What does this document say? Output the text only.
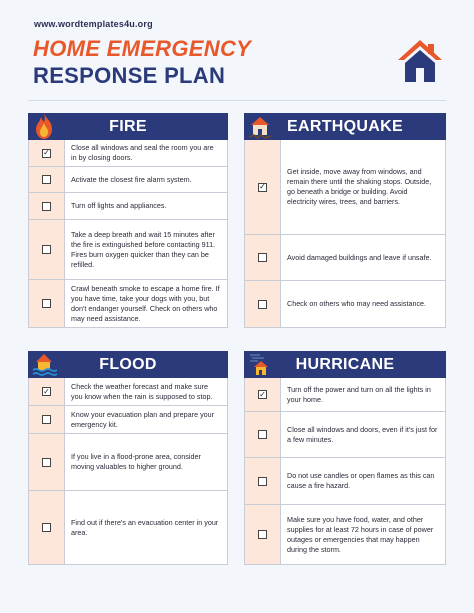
www.wordtemplates4u.org
HOME EMERGENCY
RESPONSE PLAN
FIRE
✓
Close all windows and seal the room you are in by closing doors.
Activate the closest fire alarm system.
Turn off lights and appliances.
Take a deep breath and wait 15 minutes after the fire is extinguished before contacting 911. Fires burn oxygen quicker than they can be refilled.
Crawl beneath smoke to escape a home fire. If you have time, take your dogs with you, but don't endanger yourself. Check on others who may need assistance.
EARTHQUAKE
✓
Get inside, move away from windows, and remain there until the shaking stops. Outside, go beneath a bridge or building. Avoid electricity wires, trees, and barriers.
Avoid damaged buildings and leave if unsafe.
Check on others who may need assistance.
FLOOD
✓
Check the weather forecast and make sure you know when the rain is supposed to stop.
Know your evacuation plan and prepare your emergency kit.
If you live in a flood-prone area, consider moving valuables to higher ground.
Find out if there's an evacuation center in your area.
HURRICANE
✓
Turn off the power and turn on all the lights in your home.
Close all windows and doors, even if it's just for a few minutes.
Do not use candles or open flames as this can cause a fire hazard.
Make sure you have food, water, and other supplies for at least 72 hours in case of power outages or emergencies that may happen during the storm.
